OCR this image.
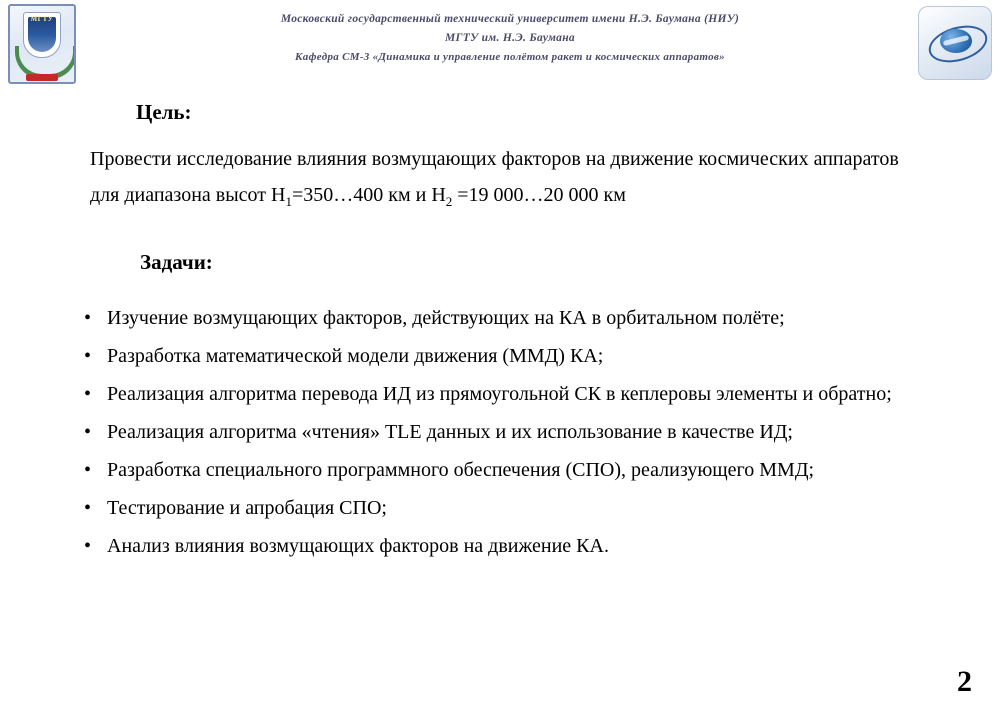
МГТУ	Московский государственный технический университет имени Н.Э. Баумана (НИУ)
МГТУ им. Н.Э. Баумана
Кафедра СМ-3 «Динамика и управление полётом ракет и космических аппаратов»
Цель:

Провести исследование влияния возмущающих факторов на движение космических аппаратов для диапазона высот $H_1=350\dots 400$ км и $H_2 =19$ 000…20 000 км

Задачи:
• Изучение возмущающих факторов, действующих на КА в орбитальном полёте;
• Разработка математической модели движения (ММД) КА;
• Реализация алгоритма перевода ИД из прямоугольной СК в кеплеровы элементы и обратно;
• Реализация алгоритма «чтения» TLE данных и их использование в качестве ИД;
• Разработка специального программного обеспечения (СПО), реализующего ММД;
• Тестирование и апробация СПО;
• Анализ влияния возмущающих факторов на движение КА.
2
